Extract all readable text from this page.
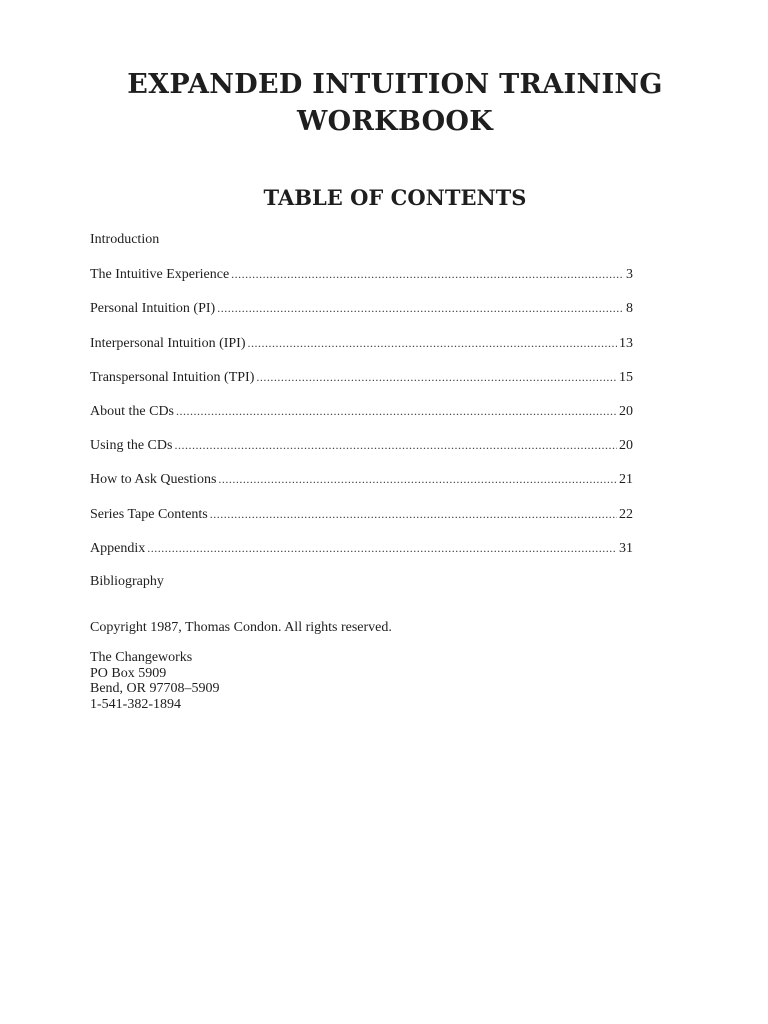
EXPANDED INTUITION TRAINING
WORKBOOK
TABLE OF CONTENTS
Introduction
The Intuitive Experience .....	3
Personal Intuition (PI) .....	8
Interpersonal Intuition (IPI) .....	13
Transpersonal Intuition (TPI) .....	15
About the CDs .....	20
Using the CDs .....	20
How to Ask Questions .....	21
Series Tape Contents .....	22
Appendix .....	31
Bibliography
Copyright 1987, Thomas Condon. All rights reserved.
The Changeworks
PO Box 5909
Bend, OR 97708–5909
1-541-382-1894
